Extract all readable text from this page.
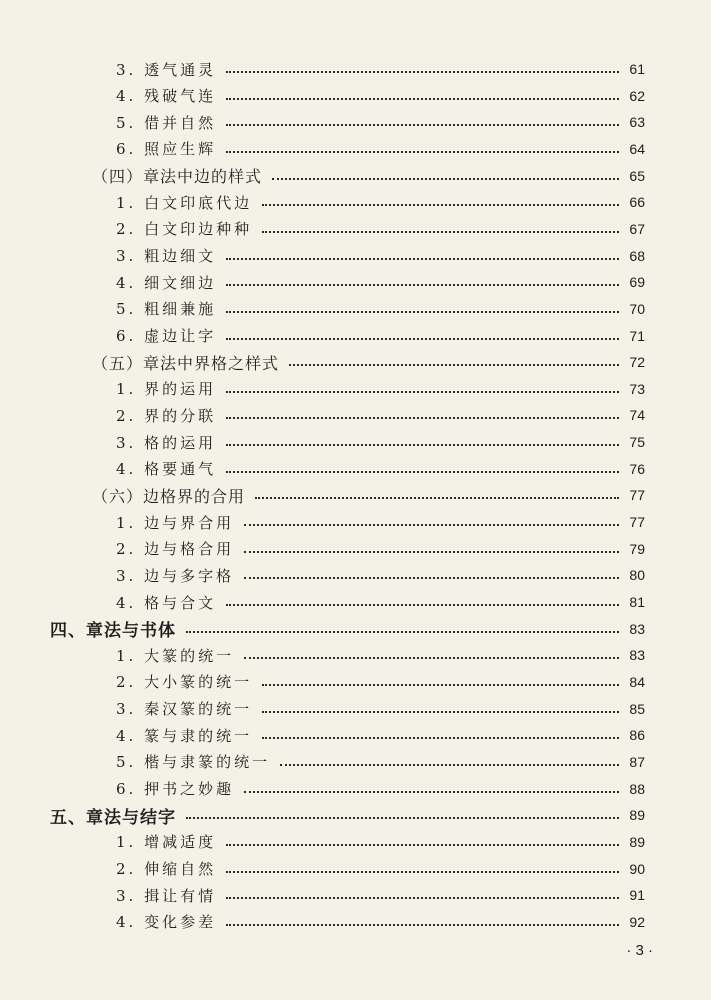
3. 透气通灵	61
4. 残破气连	62
5. 借并自然	63
6. 照应生辉	64
（四）章法中边的样式	65
1. 白文印底代边	66
2. 白文印边种种	67
3. 粗边细文	68
4. 细文细边	69
5. 粗细兼施	70
6. 虚边让字	71
（五）章法中界格之样式	72
1. 界的运用	73
2. 界的分联	74
3. 格的运用	75
4. 格要通气	76
（六）边格界的合用	77
1. 边与界合用	77
2. 边与格合用	79
3. 边与多字格	80
4. 格与合文	81
四、章法与书体	83
1. 大篆的统一	83
2. 大小篆的统一	84
3. 秦汉篆的统一	85
4. 篆与隶的统一	86
5. 楷与隶篆的统一	87
6. 押书之妙趣	88
五、章法与结字	89
1. 增减适度	89
2. 伸缩自然	90
3. 揖让有情	91
4. 变化参差	92
· 3 ·
